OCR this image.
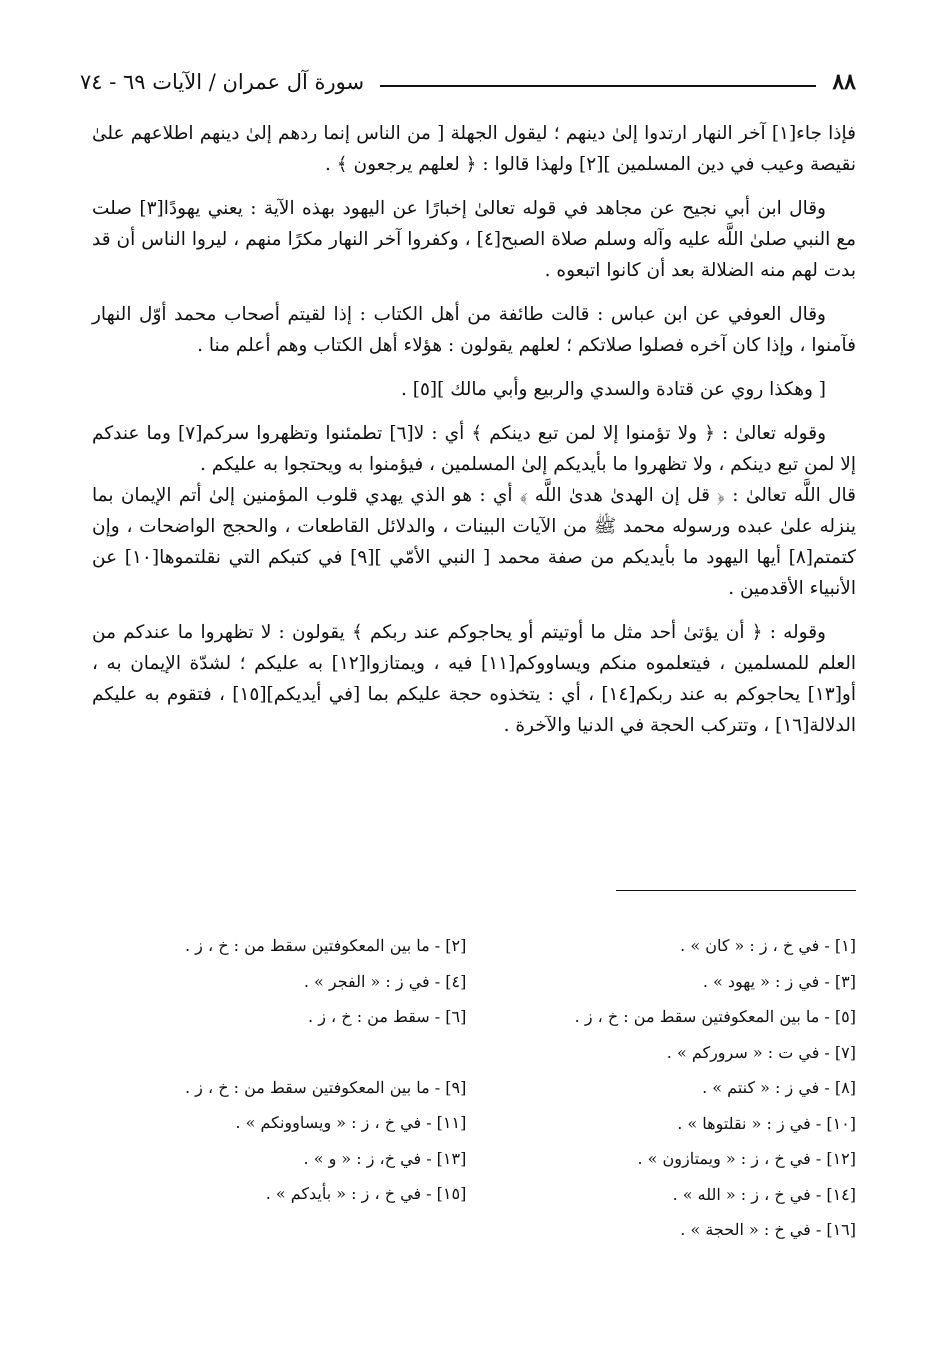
سورة آل عمران / الآيات ٦٩ - ٧٤	٨٨

فإذا جاء[١] آخر النهار ارتدوا إلىٰ دينهم ؛ ليقول الجهلة [ من الناس إنما ردهم إلىٰ دينهم اطلاعهم علىٰ نقيصة وعيب في دين المسلمين ][٢] ولهذا قالوا : ﴿ لعلهم يرجعون ﴾ .

وقال ابن أبي نجيح عن مجاهد في قوله تعالىٰ إخبارًا عن اليهود بهذه الآية : يعني يهودًا[٣] صلت مع النبي صلىٰ اللَّه عليه وآله وسلم صلاة الصبح[٤] ، وكفروا آخر النهار مكرًا منهم ، ليروا الناس أن قد بدت لهم منه الضلالة بعد أن كانوا اتبعوه .

وقال العوفي عن ابن عباس : قالت طائفة من أهل الكتاب : إذا لقيتم أصحاب محمد أوّل النهار فآمنوا ، وإذا كان آخره فصلوا صلاتكم ؛ لعلهم يقولون : هؤلاء أهل الكتاب وهم أعلم منا .

[ وهكذا روي عن قتادة والسدي والربيع وأبي مالك ][٥] .

وقوله تعالىٰ : ﴿ ولا تؤمنوا إلا لمن تبع دينكم ﴾ أي : لا[٦] تطمئنوا وتظهروا سركم[٧] وما عندكم إلا لمن تبع دينكم ، ولا تظهروا ما بأيديكم إلىٰ المسلمين ، فيؤمنوا به ويحتجوا به عليكم .

قال اللَّه تعالىٰ : ﴿ قل إن الهدىٰ هدىٰ اللَّه ﴾ أي : هو الذي يهدي قلوب المؤمنين إلىٰ أتم الإيمان بما ينزله علىٰ عبده ورسوله محمد ﷺ من الآيات البينات ، والدلائل القاطعات ، والحجج الواضحات ، وإن كتمتم[٨] أيها اليهود ما بأيديكم من صفة محمد [ النبي الأمّي ][٩] في كتبكم التي نقلتموها[١٠] عن الأنبياء الأقدمين .

وقوله : ﴿ أن يؤتىٰ أحد مثل ما أوتيتم أو يحاجوكم عند ربكم ﴾ يقولون : لا تظهروا ما عندكم من العلم للمسلمين ، فيتعلموه منكم ويساووكم[١١] فيه ، ويمتازوا[١٢] به عليكم ؛ لشدّة الإيمان به ، أو[١٣] يحاجوكم به عند ربكم[١٤] ، أي : يتخذوه حجة عليكم بما [في أيديكم][١٥] ، فتقوم به عليكم الدلالة[١٦] ، وتتركب الحجة في الدنيا والآخرة .

[١] - في خ ، ز : « كان » .
[٣] - في ز : « يهود » .
[٥] - ما بين المعكوفتين سقط من : خ ، ز .
[٧] - في ت : « سروركم » .
[٨] - في ز : « كنتم » .
[١٠] - في ز : « نقلتوها » .
[١٢] - في خ ، ز : « ويمتازون » .
[١٤] - في خ ، ز : « الله » .
[١٦] - في خ : « الحجة » .
[٢] - ما بين المعكوفتين سقط من : خ ، ز .
[٤] - في ز : « الفجر » .
[٦] - سقط من : خ ، ز .
[٩] - ما بين المعكوفتين سقط من : خ ، ز .
[١١] - في خ ، ز : « ويساوونكم » .
[١٣] - في خ، ز : « و » .
[١٥] - في خ ، ز : « بأيدكم » .
